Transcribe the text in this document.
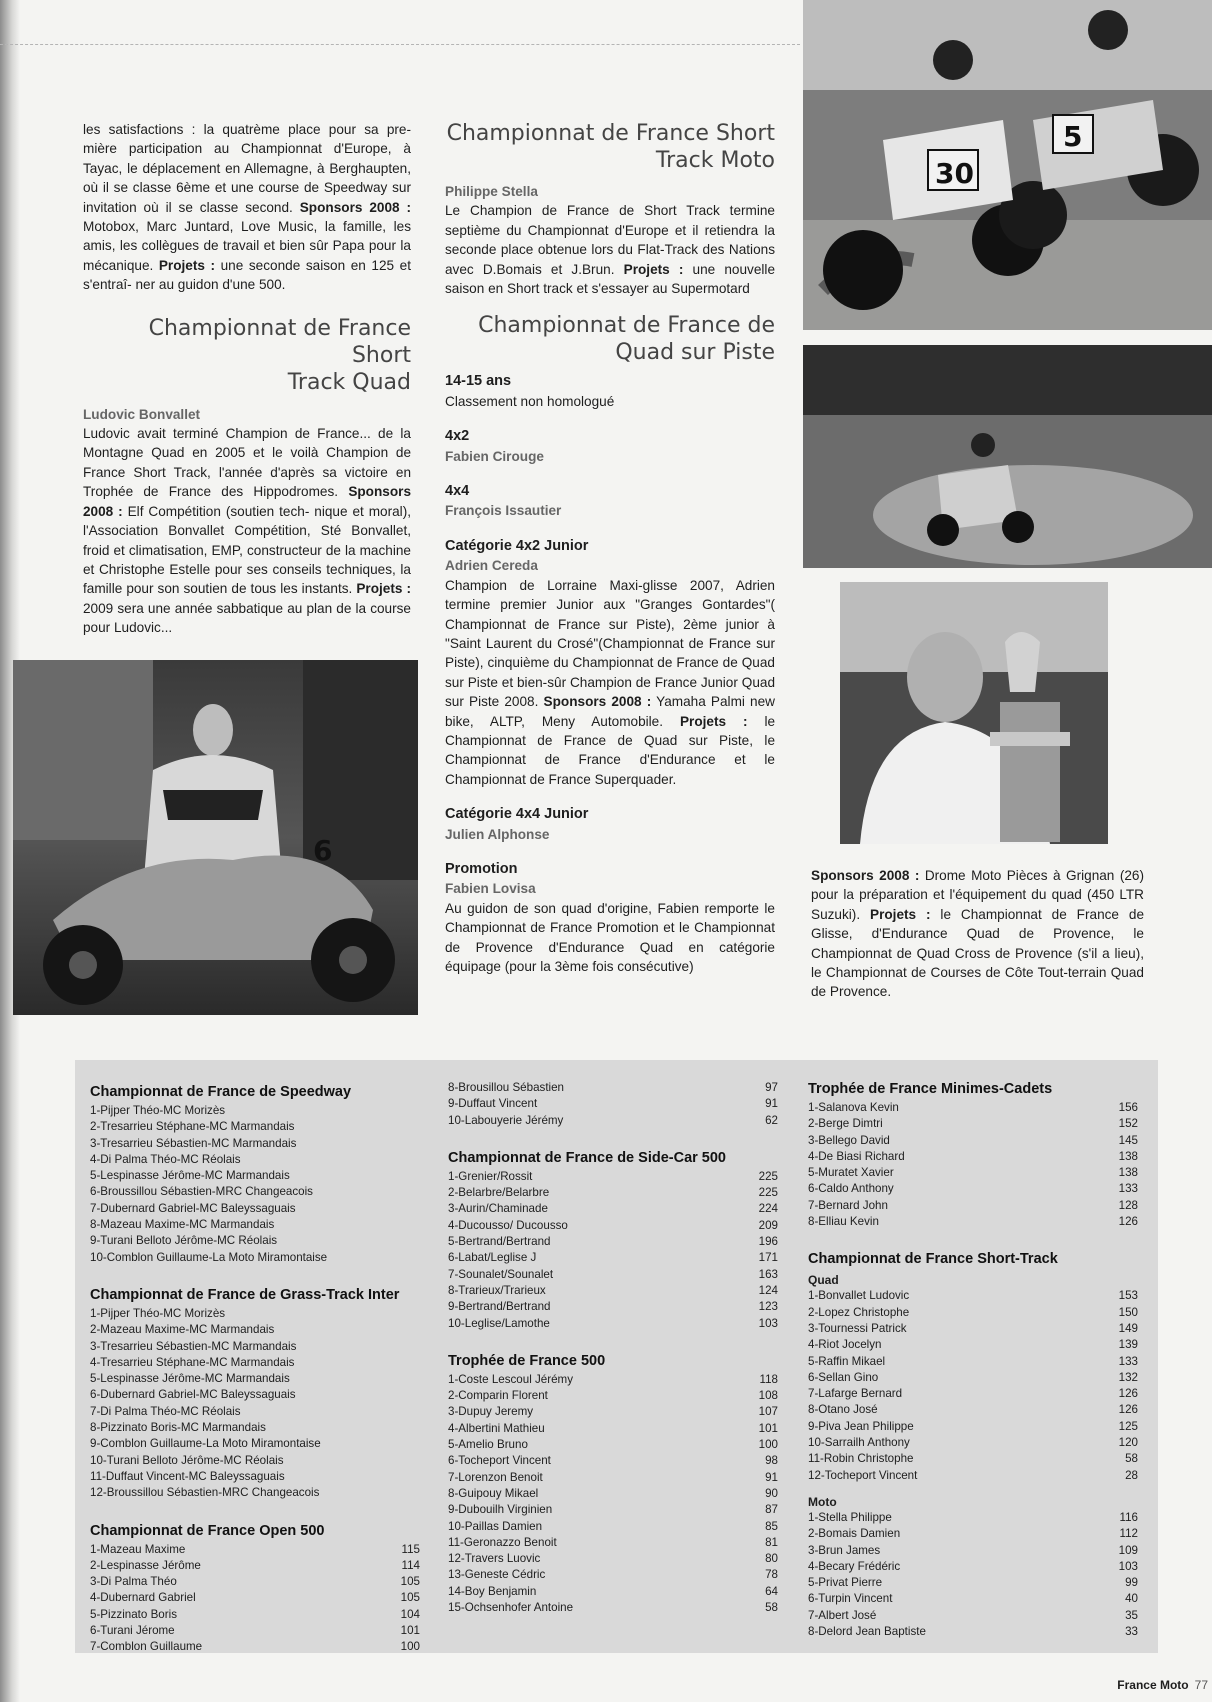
les satisfactions : la quatrème place pour sa pre- mière participation au Championnat d'Europe, à Tayac, le déplacement en Allemagne, à Berghaupten, où il se classe 6ème et une course de Speedway sur invitation où il se classe second. Sponsors 2008 : Motobox, Marc Juntard, Love Music, la famille, les amis, les collègues de travail et bien sûr Papa pour la mécanique. Projets : une seconde saison en 125 et s'entraî- ner au guidon d'une 500.

Championnat de France Short
Track Quad
Ludovic Bonvallet

Ludovic avait terminé Champion de France... de la Montagne Quad en 2005 et le voilà Champion de France Short Track, l'année d'après sa victoire en Trophée de France des Hippodromes. Sponsors 2008 : Elf Compétition (soutien tech- nique et moral), l'Association Bonvallet Compétition, Sté Bonvallet, froid et climatisation, EMP, constructeur de la machine et Christophe Estelle pour ses conseils techniques, la famille pour son soutien de tous les instants. Projets : 2009 sera une année sabbatique au plan de la course pour Ludovic...

6
Championnat de France Short
Track Moto
Philippe Stella

Le Champion de France de Short Track termine septième du Championnat d'Europe et il retiendra la seconde place obtenue lors du Flat-Track des Nations avec D.Bomais et J.Brun. Projets : une nouvelle saison en Short track et s'essayer au Supermotard

Championnat de France de
Quad sur Piste
14-15 ans

Classement non homologué

4x2
Fabien Cirouge
4x4
François Issautier
Catégorie 4x2 Junior
Adrien Cereda

Champion de Lorraine Maxi-glisse 2007, Adrien termine premier Junior aux "Granges Gontardes"( Championnat de France sur Piste), 2ème junior à "Saint Laurent du Crosé"(Championnat de France sur Piste), cinquième du Championnat de France de Quad sur Piste et bien-sûr Champion de France Junior Quad sur Piste 2008. Sponsors 2008 : Yamaha Palmi new bike, ALTP, Meny Automobile. Projets : le Championnat de France de Quad sur Piste, le Championnat de France d'Endurance et le Championnat de France Superquader.

Catégorie 4x4 Junior
Julien Alphonse
Promotion
Fabien Lovisa

Au guidon de son quad d'origine, Fabien remporte le Championnat de France Promotion et le Championnat de Provence d'Endurance Quad en catégorie équipage (pour la 3ème fois consécutive)

30
5

Sponsors 2008 : Drome Moto Pièces à Grignan (26) pour la préparation et l'équipement du quad (450 LTR Suzuki). Projets : le Championnat de France de Glisse, d'Endurance Quad de Provence, le Championnat de Quad Cross de Provence (s'il a lieu), le Championnat de Courses de Côte Tout-terrain Quad de Provence.

Championnat de France de Speedway
1-Pijper Théo-MC Morizès
2-Tresarrieu Stéphane-MC Marmandais
3-Tresarrieu Sébastien-MC Marmandais
4-Di Palma Théo-MC Réolais
5-Lespinasse Jérôme-MC Marmandais
6-Broussillou Sébastien-MRC Changeacois
7-Dubernard Gabriel-MC Baleyssaguais
8-Mazeau Maxime-MC Marmandais
9-Turani Belloto Jérôme-MC Réolais
10-Comblon Guillaume-La Moto Miramontaise
Championnat de France de Grass-Track Inter
1-Pijper Théo-MC Morizès
2-Mazeau Maxime-MC Marmandais
3-Tresarrieu Sébastien-MC Marmandais
4-Tresarrieu Stéphane-MC Marmandais
5-Lespinasse Jérôme-MC Marmandais
6-Dubernard Gabriel-MC Baleyssaguais
7-Di Palma Théo-MC Réolais
8-Pizzinato Boris-MC Marmandais
9-Comblon Guillaume-La Moto Miramontaise
10-Turani Belloto Jérôme-MC Réolais
11-Duffaut Vincent-MC Baleyssaguais
12-Broussillou Sébastien-MRC Changeacois
Championnat de France Open 500
1-Mazeau Maxime	115
2-Lespinasse Jérôme	114
3-Di Palma Théo	105
4-Dubernard Gabriel	105
5-Pizzinato Boris	104
6-Turani Jérome	101
7-Comblon Guillaume	100
8-Brousillou Sébastien	97
9-Duffaut Vincent	91
10-Labouyerie Jérémy	62
Championnat de France de Side-Car 500
1-Grenier/Rossit	225
2-Belarbre/Belarbre	225
3-Aurin/Chaminade	224
4-Ducousso/ Ducousso	209
5-Bertrand/Bertrand	196
6-Labat/Leglise J	171
7-Sounalet/Sounalet	163
8-Trarieux/Trarieux	124
9-Bertrand/Bertrand	123
10-Leglise/Lamothe	103
Trophée de France 500
1-Coste Lescoul Jérémy	118
2-Comparin Florent	108
3-Dupuy Jeremy	107
4-Albertini Mathieu	101
5-Amelio Bruno	100
6-Tocheport Vincent	98
7-Lorenzon Benoit	91
8-Guipouy Mikael	90
9-Dubouilh Virginien	87
10-Paillas Damien	85
11-Geronazzo Benoit	81
12-Travers Luovic	80
13-Geneste Cédric	78
14-Boy Benjamin	64
15-Ochsenhofer Antoine	58
Trophée de France Minimes-Cadets
1-Salanova Kevin	156
2-Berge Dimtri	152
3-Bellego David	145
4-De Biasi Richard	138
5-Muratet Xavier	138
6-Caldo Anthony	133
7-Bernard John	128
8-Elliau Kevin	126
Championnat de France Short-Track
Quad
1-Bonvallet Ludovic	153
2-Lopez Christophe	150
3-Tournessi Patrick	149
4-Riot Jocelyn	139
5-Raffin Mikael	133
6-Sellan Gino	132
7-Lafarge Bernard	126
8-Otano José	126
9-Piva Jean Philippe	125
10-Sarrailh Anthony	120
11-Robin Christophe	58
12-Tocheport Vincent	28
Moto
1-Stella Philippe	116
2-Bomais Damien	112
3-Brun James	109
4-Becary Frédéric	103
5-Privat Pierre	99
6-Turpin Vincent	40
7-Albert José	35
8-Delord Jean Baptiste	33
France Moto 77
